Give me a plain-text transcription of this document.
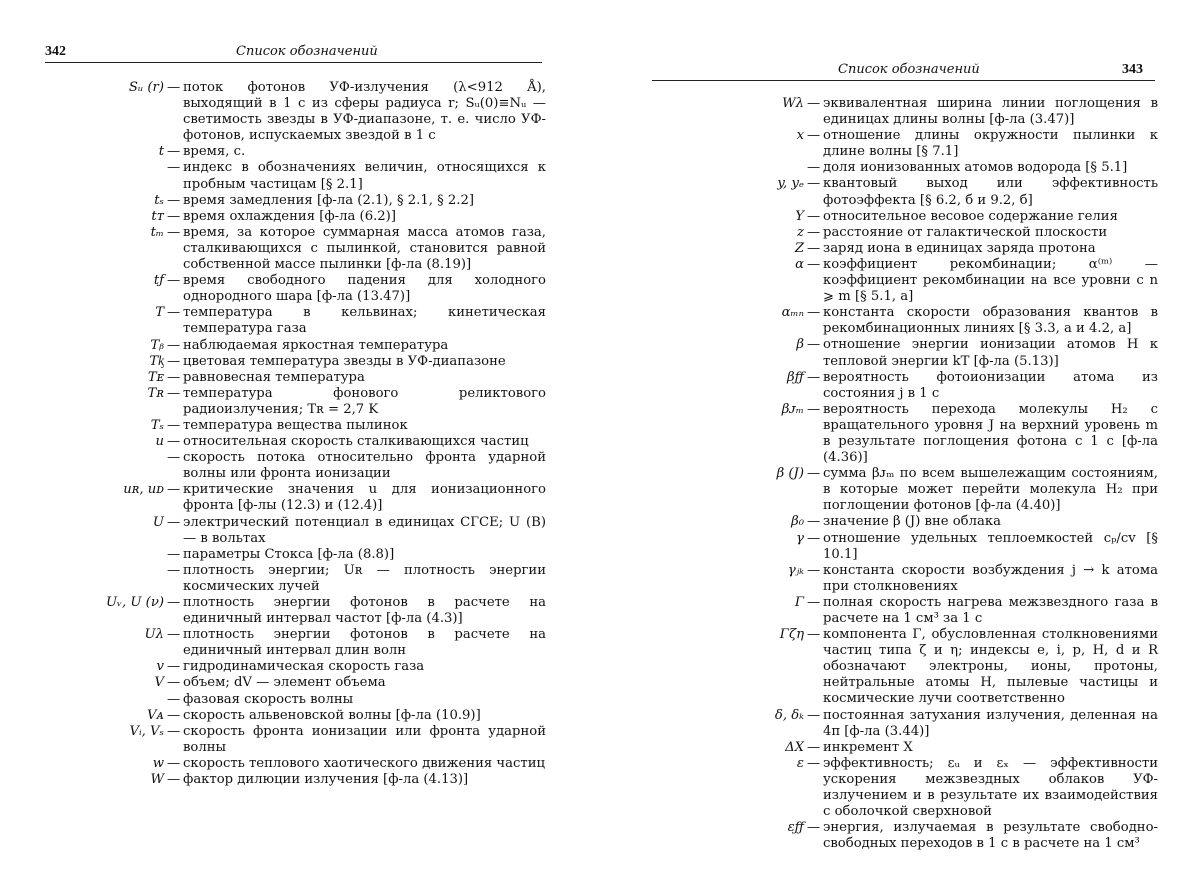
342	Список обозначений
Sᵤ (r) — поток фотонов УФ-излучения (λ<912 Å), выходящий в 1 с из сферы радиуса r; Sᵤ(0)≡Nᵤ — светимость звезды в УФ-диапазоне, т. е. число УФ-фотонов, испускаемых звездой в 1 с
t — время, с.
— индекс в обозначениях величин, относящихся к пробным частицам [§ 2.1]
tₛ — время замедления [ф-ла (2.1), § 2.1, § 2.2]
tᴛ — время охлаждения [ф-ла (6.2)]
tₘ — время, за которое суммарная масса атомов газа, сталкивающихся с пылинкой, становится равной собственной массе пылинки [ф-ла (8.19)]
tƒ — время свободного падения для холодного однородного шара [ф-ла (13.47)]
T — температура в кельвинах; кинетическая температура газа
Tᵦ — наблюдаемая яркостная температура
Tᶄ — цветовая температура звезды в УФ-диапазоне
Tᴇ — равновесная температура
Tʀ — температура фонового реликтового радиоизлучения; Tʀ = 2,7 K
Tₛ — температура вещества пылинок
u — относительная скорость сталкивающихся частиц
— скорость потока относительно фронта ударной волны или фронта ионизации
uʀ, uᴅ — критические значения u для ионизационного фронта [ф-лы (12.3) и (12.4)]
U — электрический потенциал в единицах СГСЕ; U (В) — в вольтах
— параметры Стокса [ф-ла (8.8)]
— плотность энергии; Uʀ — плотность энергии космических лучей
Uᵥ, U (ν) — плотность энергии фотонов в расчете на единичный интервал частот [ф-ла (4.3)]
Uλ — плотность энергии фотонов в расчете на единичный интервал длин волн
v — гидродинамическая скорость газа
V — объем; dV — элемент объема
— фазовая скорость волны
Vᴀ — скорость альвеновской волны [ф-ла (10.9)]
Vᵢ, Vₛ — скорость фронта ионизации или фронта ударной волны
w — скорость теплового хаотического движения частиц
W — фактор дилюции излучения [ф-ла (4.13)]
Список обозначений	343
Wλ — эквивалентная ширина линии поглощения в единицах длины волны [ф-ла (3.47)]
x — отношение длины окружности пылинки к длине волны [§ 7.1]
— доля ионизованных атомов водорода [§ 5.1]
y, yₑ — квантовый выход или эффективность фотоэффекта [§ 6.2, б и 9.2, б]
Y — относительное весовое содержание гелия
z — расстояние от галактической плоскости
Z — заряд иона в единицах заряда протона
α — коэффициент рекомбинации; α⁽ᵐ⁾ — коэффициент рекомбинации на все уровни с n ⩾ m [§ 5.1, а]
αₘₙ — константа скорости образования квантов в рекомбинационных линиях [§ 3.3, а и 4.2, а]
β — отношение энергии ионизации атомов H к тепловой энергии kT [ф-ла (5.13)]
βƒƒ — вероятность фотоионизации атома из состояния j в 1 с
βᴊₘ — вероятность перехода молекулы H₂ с вращательного уровня J на верхний уровень m в результате поглощения фотона с 1 с [ф-ла (4.36)]
β (J) — сумма βᴊₘ по всем вышележащим состояниям, в которые может перейти молекула H₂ при поглощении фотонов [ф-ла (4.40)]
β₀ — значение β (J) вне облака
γ — отношение удельных теплоемкостей cₚ/cᴠ [§ 10.1]
γⱼₖ — константа скорости возбуждения j → k атома при столкновениях
Γ — полная скорость нагрева межзвездного газа в расчете на 1 см³ за 1 с
Γζη — компонента Γ, обусловленная столкновениями частиц типа ζ и η; индексы e, i, p, H, d и R обозначают электроны, ионы, протоны, нейтральные атомы H, пылевые частицы и космические лучи соответственно
δ, δₖ — постоянная затухания излучения, деленная на 4π [ф-ла (3.44)]
ΔX — инкремент X
ε — эффективность; εᵤ и εₓ — эффективности ускорения межзвездных облаков УФ-излучением и в результате их взаимодействия с оболочкой сверхновой
εƒƒ — энергия, излучаемая в результате свободно-свободных переходов в 1 с в расчете на 1 см³
